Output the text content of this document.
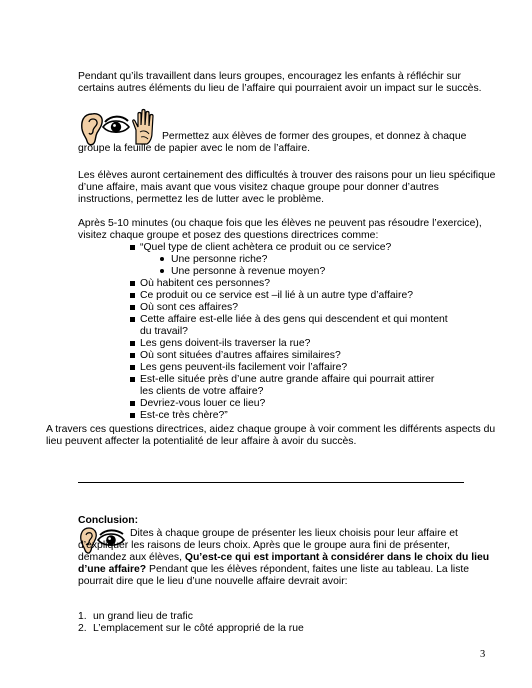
Pendant qu’ils travaillent dans leurs groupes, encouragez les enfants à réfléchir sur certains autres éléments du lieu de l’affaire qui pourraient avoir un impact sur le succès.

Permettez aux élèves de former des groupes, et donnez à chaque groupe la feuille de papier avec le nom de l’affaire.

Les élèves auront certainement des difficultés à trouver des raisons pour un lieu spécifique d’une affaire, mais avant que vous visitez chaque groupe pour donner d’autres instructions, permettez les de lutter avec le problème.

Après 5-10 minutes (ou chaque fois que les élèves ne peuvent pas résoudre l’exercice), visitez chaque groupe et posez des questions directrices comme:

“Quel type de client achètera ce produit ou ce service?
Une personne riche?
Une personne à revenue moyen?
Où habitent ces personnes?
Ce produit ou ce service est –il lié à un autre type d’affaire?
Où sont ces affaires?
Cette affaire est-elle liée à des gens qui descendent et qui montent du travail?
Les gens doivent-ils traverser la rue?
Où sont situées d’autres affaires similaires?
Les gens peuvent-ils facilement voir l’affaire?
Est-elle située près d’une autre grande affaire qui pourrait attirer les clients de votre affaire?
Devriez-vous louer ce lieu?
Est-ce très chère?”

A travers ces questions directrices, aidez chaque groupe à voir comment les différents aspects du lieu peuvent affecter la potentialité de leur affaire à avoir du succès.

Conclusion:

Dites à chaque groupe de présenter les lieux choisis pour leur affaire et d’expliquer les raisons de leurs choix. Après que le groupe aura fini de présenter, demandez aux élèves, Qu’est-ce qui est important à considérer dans le choix du lieu d’une affaire? Pendant que les élèves répondent, faites une liste au tableau. La liste pourrait dire que le lieu d’une nouvelle affaire devrait avoir:

1. un grand lieu de trafic
2. L’emplacement sur le côté approprié de la rue
3
